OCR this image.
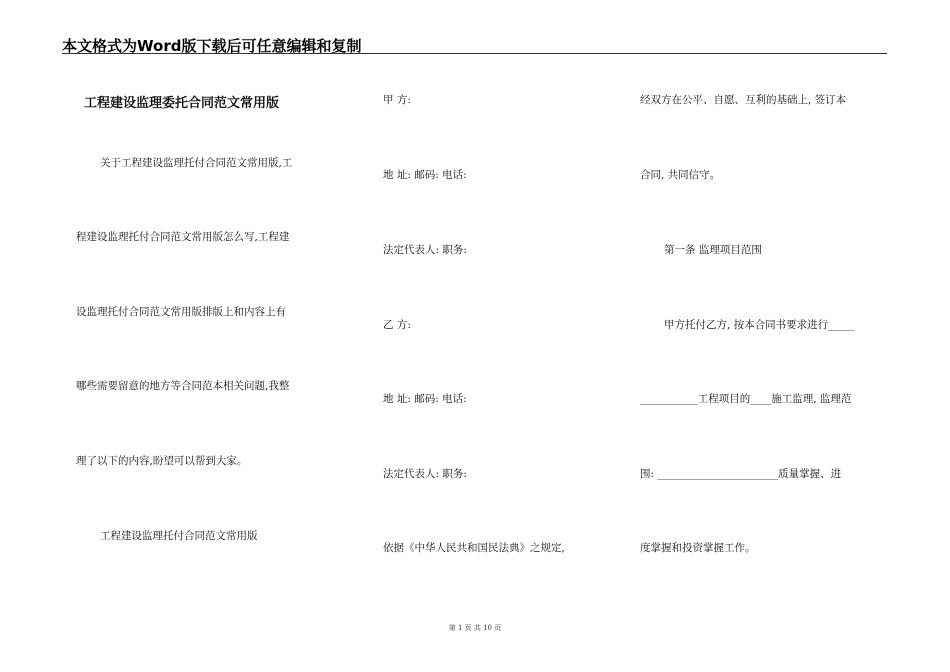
本文格式为Word版下载后可任意编辑和复制
工程建设监理委托合同范文常用版
关于工程建设监理托付合同范文常用版,工
程建设监理托付合同范文常用版怎么写,工程建
设监理托付合同范文常用版排版上和内容上有
哪些需要留意的地方等合同范本相关问题,我整
理了以下的内容,盼望可以帮到大家。
工程建设监理托付合同范文常用版
甲 方:
地 址: 邮码: 电话:
法定代表人: 职务:
乙 方:
地 址: 邮码: 电话:
法定代表人: 职务:
依据《中华人民共和国民法典》之规定,
经双方在公平、自愿、互利的基础上, 签订本
合同, 共同信守。
第一条 监理项目范围
甲方托付乙方, 按本合同书要求进行_____
___________工程项目的____施工监理, 监理范
围: _______________________质量掌握、进
度掌握和投资掌握工作。
第 1 页 共 10 页
